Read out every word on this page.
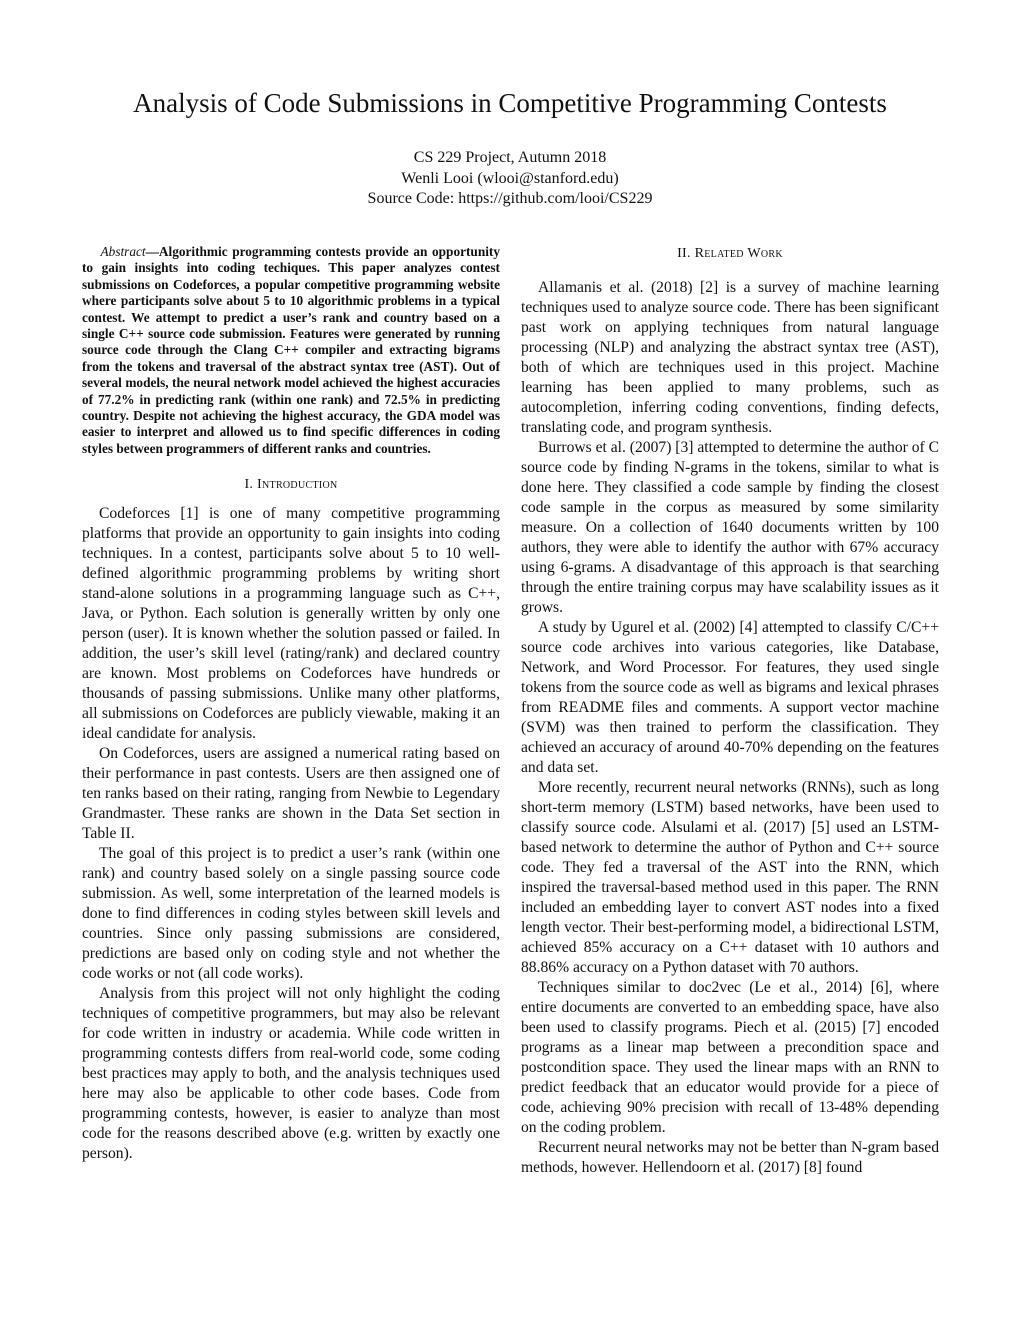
Analysis of Code Submissions in Competitive Programming Contests
CS 229 Project, Autumn 2018
Wenli Looi (wlooi@stanford.edu)
Source Code: https://github.com/looi/CS229

Abstract—Algorithmic programming contests provide an opportunity to gain insights into coding techiques. This paper analyzes contest submissions on Codeforces, a popular competitive programming website where participants solve about 5 to 10 algorithmic problems in a typical contest. We attempt to predict a user’s rank and country based on a single C++ source code submission. Features were generated by running source code through the Clang C++ compiler and extracting bigrams from the tokens and traversal of the abstract syntax tree (AST). Out of several models, the neural network model achieved the highest accuracies of 77.2% in predicting rank (within one rank) and 72.5% in predicting country. Despite not achieving the highest accuracy, the GDA model was easier to interpret and allowed us to find specific differences in coding styles between programmers of different ranks and countries.

I. Introduction

Codeforces [1] is one of many competitive programming platforms that provide an opportunity to gain insights into coding techniques. In a contest, participants solve about 5 to 10 well-defined algorithmic programming problems by writing short stand-alone solutions in a programming language such as C++, Java, or Python. Each solution is generally written by only one person (user). It is known whether the solution passed or failed. In addition, the user’s skill level (rating/rank) and declared country are known. Most problems on Codeforces have hundreds or thousands of passing submissions. Unlike many other platforms, all submissions on Codeforces are publicly viewable, making it an ideal candidate for analysis.

On Codeforces, users are assigned a numerical rating based on their performance in past contests. Users are then assigned one of ten ranks based on their rating, ranging from Newbie to Legendary Grandmaster. These ranks are shown in the Data Set section in Table II.

The goal of this project is to predict a user’s rank (within one rank) and country based solely on a single passing source code submission. As well, some interpretation of the learned models is done to find differences in coding styles between skill levels and countries. Since only passing submissions are considered, predictions are based only on coding style and not whether the code works or not (all code works).

Analysis from this project will not only highlight the coding techniques of competitive programmers, but may also be relevant for code written in industry or academia. While code written in programming contests differs from real-world code, some coding best practices may apply to both, and the analysis techniques used here may also be applicable to other code bases. Code from programming contests, however, is easier to analyze than most code for the reasons described above (e.g. written by exactly one person).

II. Related Work

Allamanis et al. (2018) [2] is a survey of machine learning techniques used to analyze source code. There has been significant past work on applying techniques from natural language processing (NLP) and analyzing the abstract syntax tree (AST), both of which are techniques used in this project. Machine learning has been applied to many problems, such as autocompletion, inferring coding conventions, finding defects, translating code, and program synthesis.

Burrows et al. (2007) [3] attempted to determine the author of C source code by finding N-grams in the tokens, similar to what is done here. They classified a code sample by finding the closest code sample in the corpus as measured by some similarity measure. On a collection of 1640 documents written by 100 authors, they were able to identify the author with 67% accuracy using 6-grams. A disadvantage of this approach is that searching through the entire training corpus may have scalability issues as it grows.

A study by Ugurel et al. (2002) [4] attempted to classify C/C++ source code archives into various categories, like Database, Network, and Word Processor. For features, they used single tokens from the source code as well as bigrams and lexical phrases from README files and comments. A support vector machine (SVM) was then trained to perform the classification. They achieved an accuracy of around 40-70% depending on the features and data set.

More recently, recurrent neural networks (RNNs), such as long short-term memory (LSTM) based networks, have been used to classify source code. Alsulami et al. (2017) [5] used an LSTM-based network to determine the author of Python and C++ source code. They fed a traversal of the AST into the RNN, which inspired the traversal-based method used in this paper. The RNN included an embedding layer to convert AST nodes into a fixed length vector. Their best-performing model, a bidirectional LSTM, achieved 85% accuracy on a C++ dataset with 10 authors and 88.86% accuracy on a Python dataset with 70 authors.

Techniques similar to doc2vec (Le et al., 2014) [6], where entire documents are converted to an embedding space, have also been used to classify programs. Piech et al. (2015) [7] encoded programs as a linear map between a precondition space and postcondition space. They used the linear maps with an RNN to predict feedback that an educator would provide for a piece of code, achieving 90% precision with recall of 13-48% depending on the coding problem.

Recurrent neural networks may not be better than N-gram based methods, however. Hellendoorn et al. (2017) [8] found
